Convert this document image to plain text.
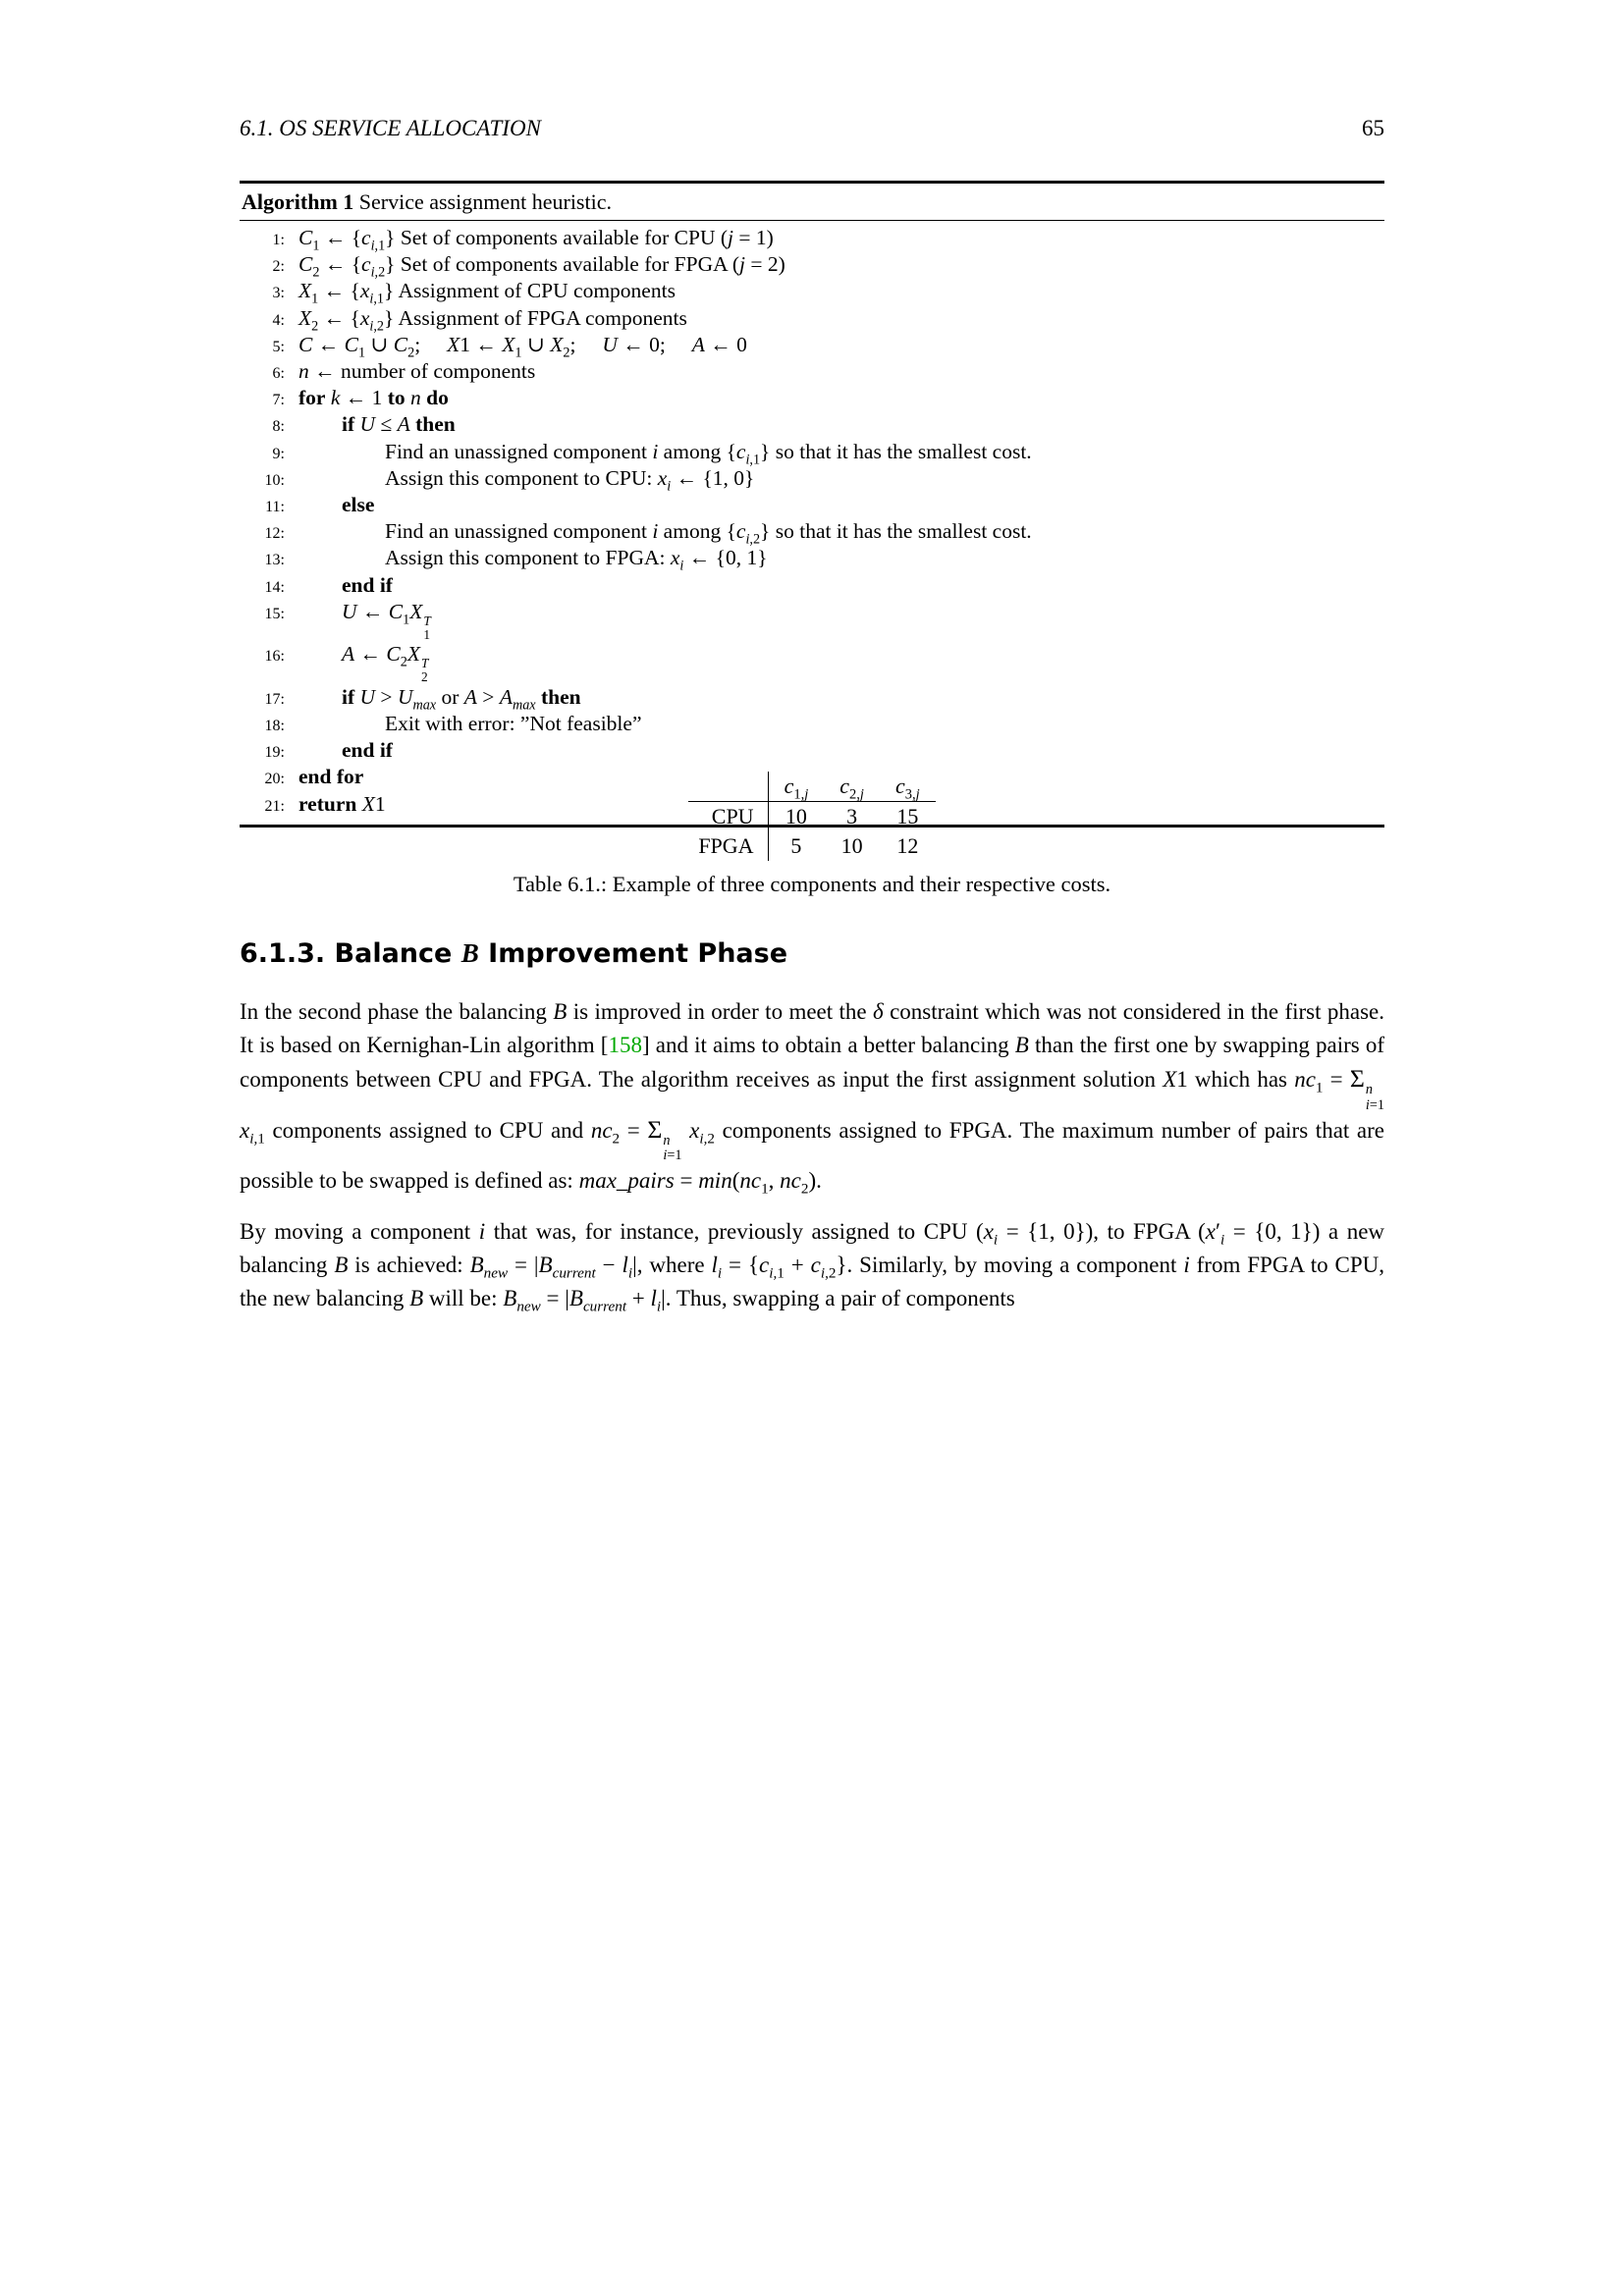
6.1. OS SERVICE ALLOCATION	65
Algorithm 1 Service assignment heuristic.
1: $C_1$ ← $\{c_{i,1}\}$ Set of components available for CPU (j = 1)
2: $C_2$ ← $\{c_{i,2}\}$ Set of components available for FPGA (j = 2)
3: $X_1$ ← $\{x_{i,1}\}$ Assignment of CPU components
4: $X_2$ ← $\{x_{i,2}\}$ Assignment of FPGA components
5: C ← $C_1$ ∪ $C_2$;  X1 ← $X_1$ ∪ $X_2$;  U ← 0;  A ← 0
6: n ← number of components
7: for k ← 1 to n do
8:	if U ≤ A then
9:	Find an unassigned component i among $\{c_{i,1}\}$ so that it has the smallest cost.
10:	Assign this component to CPU: $x_i$ ← {1, 0}
11:	else
12:	Find an unassigned component i among $\{c_{i,2}\}$ so that it has the smallest cost.
13:	Assign this component to FPGA: $x_i$ ← {0, 1}
14:	end if
15:	U ← $C_1X$ T
1
16:	A ← $C_2X$ T
2
17:	if $U > U_{max}$ or $A > A_{max}$ then
18:	Exit with error: ”Not feasible”
19:	end if
20: end for
21: return X1
	$c_{1,j}$	$c_{2,j}$	$c_{3,j}$
CPU	10	3	15
FPGA	5	10	12
Table 6.1.: Example of three components and their respective costs.
6.1.3. Balance B Improvement Phase

In the second phase the balancing B is improved in order to meet the δ constraint which was not considered in the first phase. It is based on Kernighan-Lin algorithm [158] and it aims to obtain a better balancing B than the first one by swapping pairs of components between CPU and FPGA. The algorithm receives as input the first assignment solution X1 which has $nc_1 = \Sigma$ n
i=1
$x_{i,1}$ components assigned to CPU and $nc_2 = \Sigma$ n
i=1
$x_{i,2}$ components assigned to FPGA. The maximum number of pairs that are possible to be swapped is defined as: max_pairs = $\min(nc_1$, $nc_2$).

By moving a component i that was, for instance, previously assigned to CPU ($x_i = \{1$, 0}), to FPGA ($x'_i = \{0$, 1}) a new balancing B is achieved: $B_{new} = |B_{current} - l_i|$, where $l_i = \{c_{i,1} + c_{i,2}\}$. Similarly, by moving a component i from FPGA to CPU, the new balancing B will be: $B_{new} = |B_{current} + l_i|$. Thus, swapping a pair of components
